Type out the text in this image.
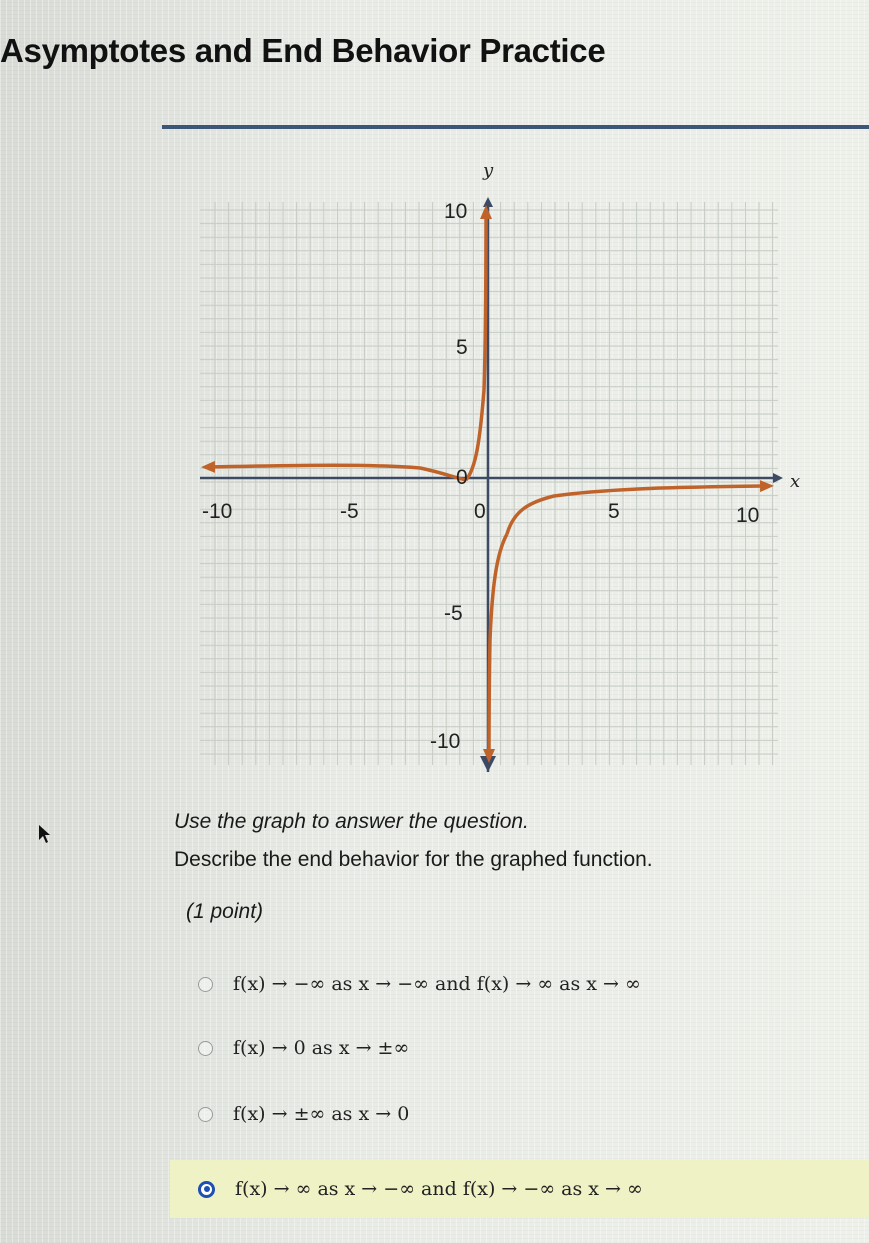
Asymptotes and End Behavior Practice
x
y
-10	-5	0	5	10
10
5
0
-5
-10

Use the graph to answer the question.

Describe the end behavior for the graphed function.

(1 point)

f(x) → −∞ as x → −∞ and f(x) → ∞ as x → ∞
f(x) → 0 as x → ±∞
f(x) → ±∞ as x → 0
f(x) → ∞ as x → −∞ and f(x) → −∞ as x → ∞
